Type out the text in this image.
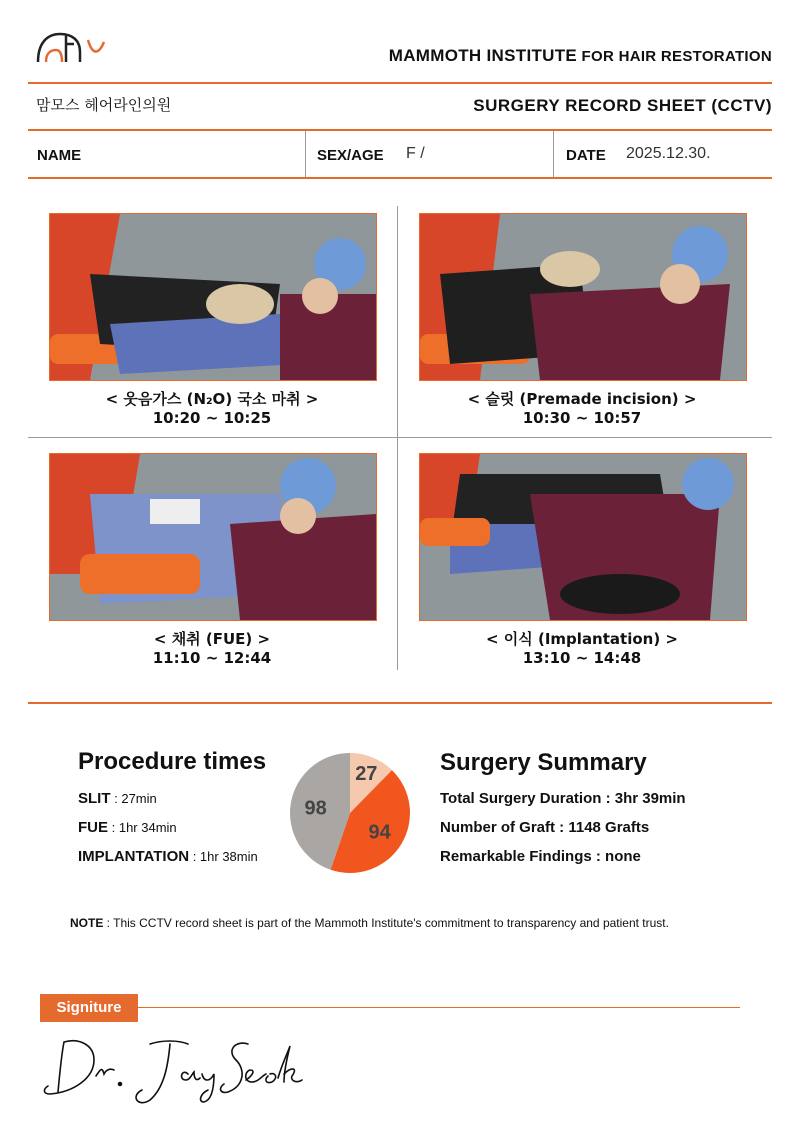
MAMMOTH INSTITUTE FOR HAIR RESTORATION
맘모스 헤어라인의원	SURGERY RECORD SHEET (CCTV)
NAME	SEX/AGE F /	DATE 2025.12.30.
< 웃음가스 (N₂O) 국소 마취 >
10:20 ~ 10:25
< 슬릿 (Premade incision) >
10:30 ~ 10:57
< 채취 (FUE) >
11:10 ~ 12:44
< 이식 (Implantation) >
13:10 ~ 14:48
Procedure times
SLIT : 27min
FUE : 1hr 34min
IMPLANTATION : 1hr 38min
27
94
98
Surgery Summary
Total Surgery Duration : 3hr 39min
Number of Graft : 1148 Grafts
Remarkable Findings : none
NOTE : This CCTV record sheet is part of the Mammoth Institute's commitment to transparency and patient trust.
Signiture
